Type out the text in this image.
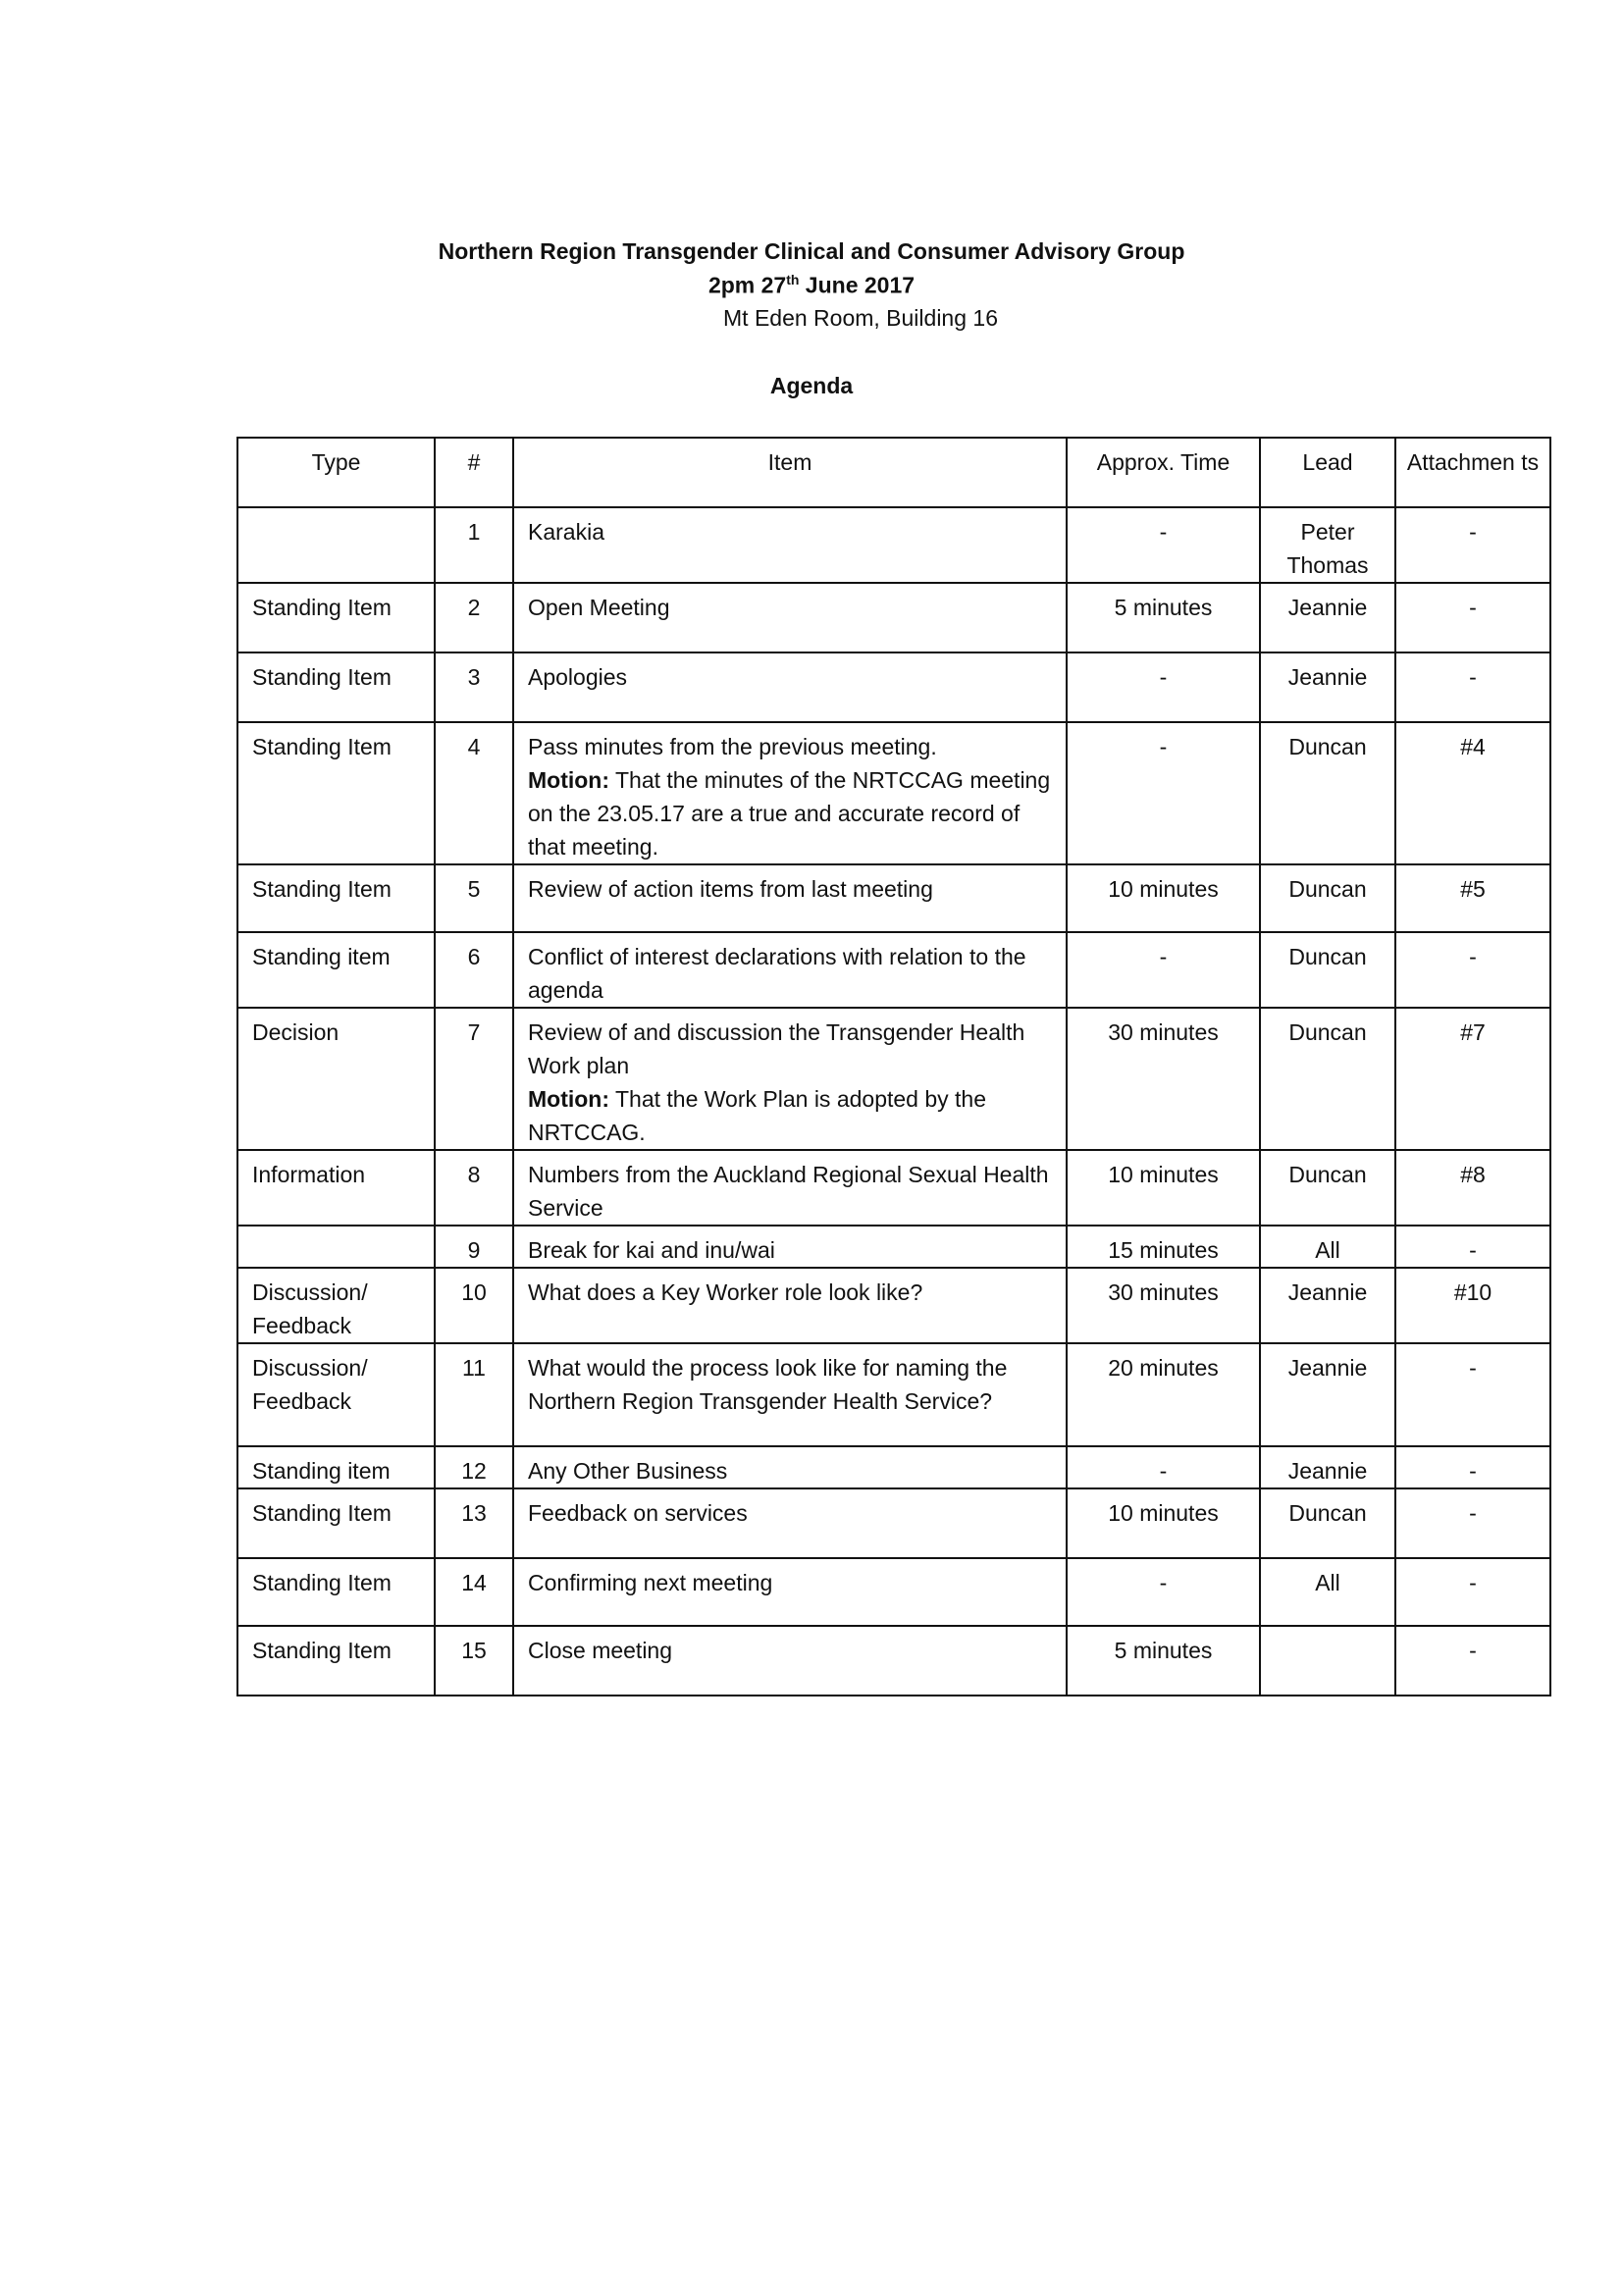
Northern Region Transgender Clinical and Consumer Advisory Group
2pm 27th June 2017
Mt Eden Room, Building 16
Agenda
Type	#	Item	Approx. Time	Lead	Attachmen ts
	1	Karakia	-	Peter Thomas	-
Standing Item	2	Open Meeting	5 minutes	Jeannie	-
Standing Item	3	Apologies	-	Jeannie	-
Standing Item	4	Pass minutes from the previous meeting.
Motion: That the minutes of the NRTCCAG meeting on the 23.05.17 are a true and accurate record of that meeting.	-	Duncan	#4
Standing Item	5	Review of action items from last meeting	10 minutes	Duncan	#5
Standing item	6	Conflict of interest declarations with relation to the agenda	-	Duncan	-
Decision	7	Review of and discussion the Transgender Health Work plan
Motion: That the Work Plan is adopted by the NRTCCAG.	30 minutes	Duncan	#7
Information	8	Numbers from the Auckland Regional Sexual Health Service	10 minutes	Duncan	#8
	9	Break for kai and inu/wai	15 minutes	All	-
Discussion/ Feedback	10	What does a Key Worker role look like?	30 minutes	Jeannie	#10
Discussion/ Feedback	11	What would the process look like for naming the Northern Region Transgender Health Service?	20 minutes	Jeannie	-
Standing item	12	Any Other Business	-	Jeannie	-
Standing Item	13	Feedback on services	10 minutes	Duncan	-
Standing Item	14	Confirming next meeting	-	All	-
Standing Item	15	Close meeting	5 minutes		-
